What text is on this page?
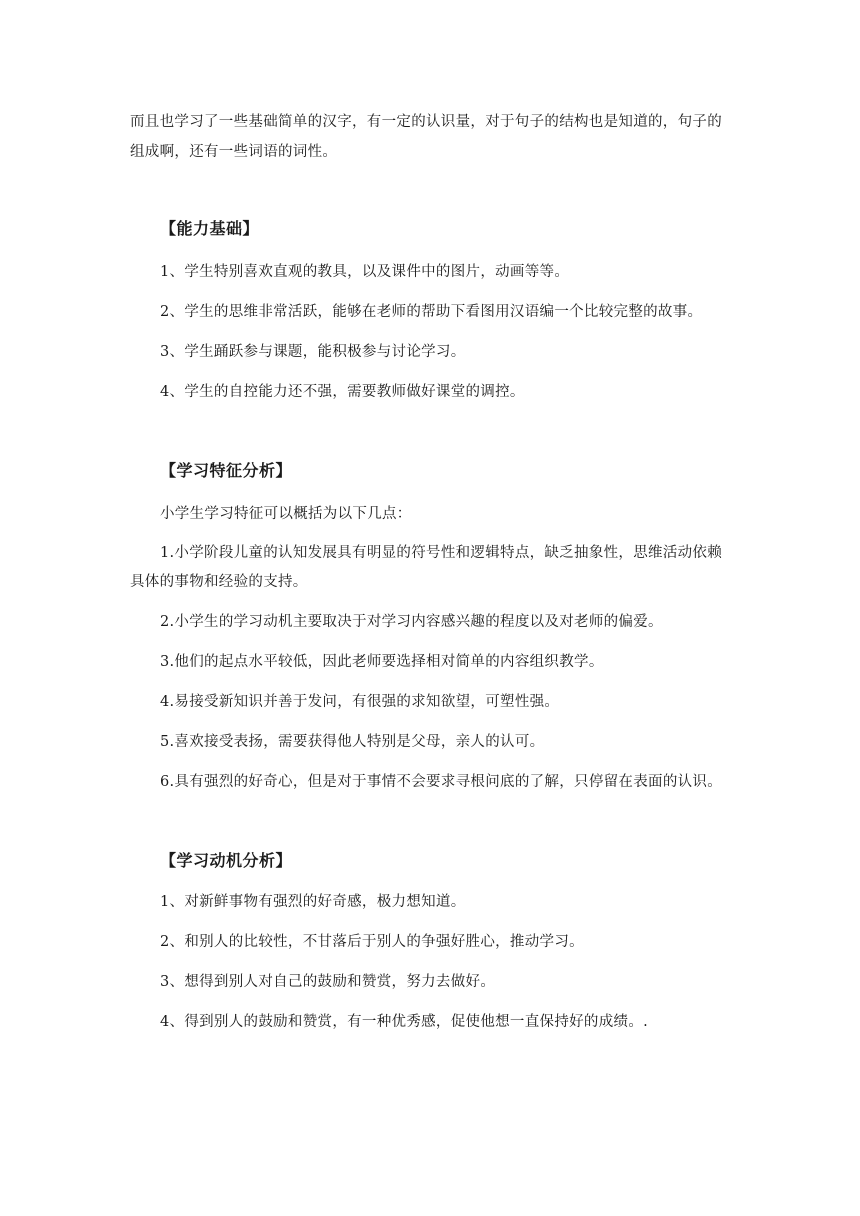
而且也学习了一些基础简单的汉字，有一定的认识量，对于句子的结构也是知道的，句子的
组成啊，还有一些词语的词性。
【能力基础】
1、学生特别喜欢直观的教具，以及课件中的图片，动画等等。
2、学生的思维非常活跃，能够在老师的帮助下看图用汉语编一个比较完整的故事。
3、学生踊跃参与课题，能积极参与讨论学习。
4、学生的自控能力还不强，需要教师做好课堂的调控。
【学习特征分析】
小学生学习特征可以概括为以下几点：
1.小学阶段儿童的认知发展具有明显的符号性和逻辑特点，缺乏抽象性，思维活动依赖
具体的事物和经验的支持。
2.小学生的学习动机主要取决于对学习内容感兴趣的程度以及对老师的偏爱。
3.他们的起点水平较低，因此老师要选择相对简单的内容组织教学。
4.易接受新知识并善于发问，有很强的求知欲望，可塑性强。
5.喜欢接受表扬，需要获得他人特别是父母，亲人的认可。
6.具有强烈的好奇心，但是对于事情不会要求寻根问底的了解，只停留在表面的认识。
【学习动机分析】
1、对新鲜事物有强烈的好奇感，极力想知道。
2、和别人的比较性，不甘落后于别人的争强好胜心，推动学习。
3、想得到别人对自己的鼓励和赞赏，努力去做好。
4、得到别人的鼓励和赞赏，有一种优秀感，促使他想一直保持好的成绩。.
